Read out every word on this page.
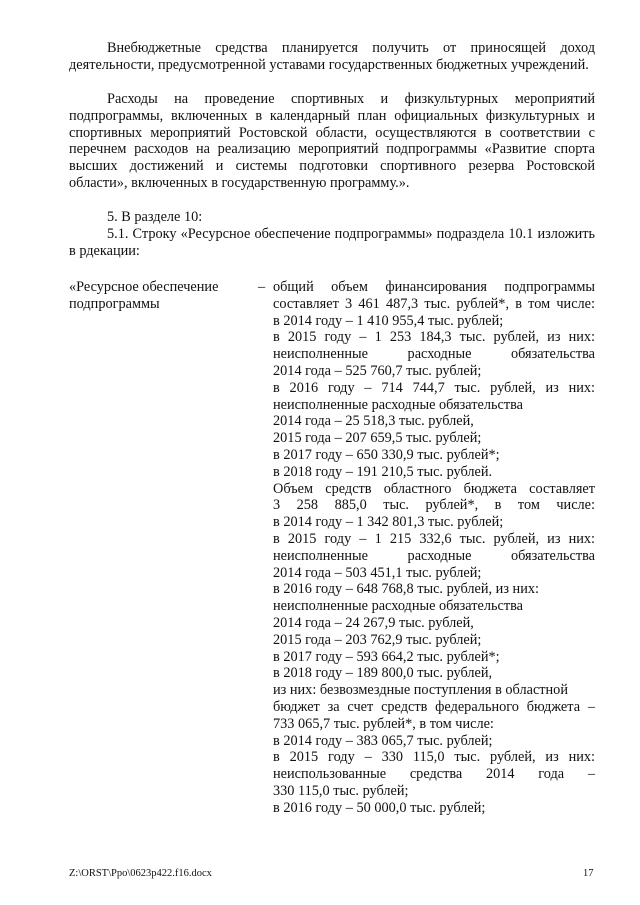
Внебюджетные средства планируется получить от приносящей доход деятельности, предусмотренной уставами государственных бюджетных учреждений.

Расходы на проведение спортивных и физкультурных мероприятий подпрограммы, включенных в календарный план официальных физкультурных и спортивных мероприятий Ростовской области, осуществляются в соответствии с перечнем расходов на реализацию мероприятий подпрограммы «Развитие спорта высших достижений и системы подготовки спортивного резерва Ростовской области», включенных в государственную программу.».

5. В разделе 10:

5.1. Строку «Ресурсное обеспечение подпрограммы» подраздела 10.1 изложить в рдекации:

«Ресурсное обеспечение
подпрограммы
– общий объем финансирования подпрограммы
составляет 3 461 487,3 тыс. рублей*, в том числе:
в 2014 году – 1 410 955,4 тыс. рублей;
в 2015 году – 1 253 184,3 тыс. рублей, из них:
неисполненные расходные обязательства
2014 года – 525 760,7 тыс. рублей;
в 2016 году – 714 744,7 тыс. рублей, из них:
неисполненные расходные обязательства
2014 года – 25 518,3 тыс. рублей,
2015 года – 207 659,5 тыс. рублей;
в 2017 году – 650 330,9 тыс. рублей*;
в 2018 году – 191 210,5 тыс. рублей.
Объем средств областного бюджета составляет
3 258 885,0 тыс. рублей*, в том числе:
в 2014 году – 1 342 801,3 тыс. рублей;
в 2015 году – 1 215 332,6 тыс. рублей, из них:
неисполненные расходные обязательства
2014 года – 503 451,1 тыс. рублей;
в 2016 году – 648 768,8 тыс. рублей, из них:
неисполненные расходные обязательства
2014 года – 24 267,9 тыс. рублей,
2015 года – 203 762,9 тыс. рублей;
в 2017 году – 593 664,2 тыс. рублей*;
в 2018 году – 189 800,0 тыс. рублей,
из них: безвозмездные поступления в областной
бюджет за счет средств федерального бюджета –
733 065,7 тыс. рублей*, в том числе:
в 2014 году – 383 065,7 тыс. рублей;
в 2015 году – 330 115,0 тыс. рублей, из них:
неиспользованные средства 2014 года –
330 115,0 тыс. рублей;
в 2016 году – 50 000,0 тыс. рублей;
Z:\ORST\Ppo\0623p422.f16.docx	17
